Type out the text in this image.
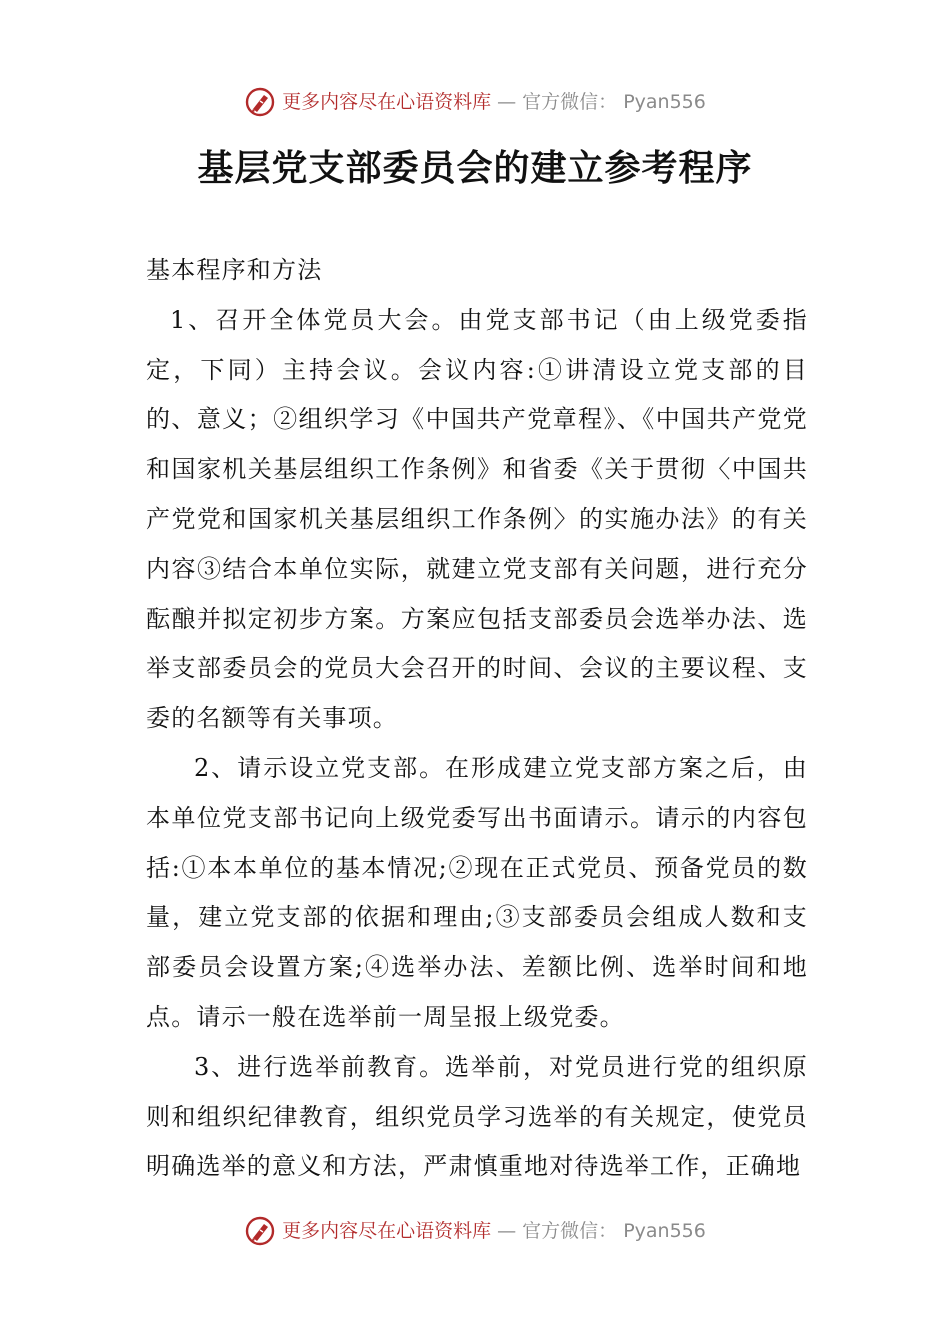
更多内容尽在心语资料库 — 官方微信： Pyan556
基层党支部委员会的建立参考程序

基本程序和方法

1、召开全体党员大会。由党支部书记（由上级党委指定，下同）主持会议。会议内容:①讲清设立党支部的目的、意义；②组织学习《中国共产党章程》、《中国共产党党和国家机关基层组织工作条例》和省委《关于贯彻〈中国共产党党和国家机关基层组织工作条例〉的实施办法》的有关内容③结合本单位实际，就建立党支部有关问题，进行充分酝酿并拟定初步方案。方案应包括支部委员会选举办法、选举支部委员会的党员大会召开的时间、会议的主要议程、支委的名额等有关事项。

2、请示设立党支部。在形成建立党支部方案之后，由本单位党支部书记向上级党委写出书面请示。请示的内容包括:①本本单位的基本情况;②现在正式党员、预备党员的数量，建立党支部的依据和理由;③支部委员会组成人数和支部委员会设置方案;④选举办法、差额比例、选举时间和地点。请示一般在选举前一周呈报上级党委。

3、进行选举前教育。选举前，对党员进行党的组织原则和组织纪律教育，组织党员学习选举的有关规定，使党员明确选举的意义和方法，严肃慎重地对待选举工作，正确地

更多内容尽在心语资料库 — 官方微信： Pyan556
